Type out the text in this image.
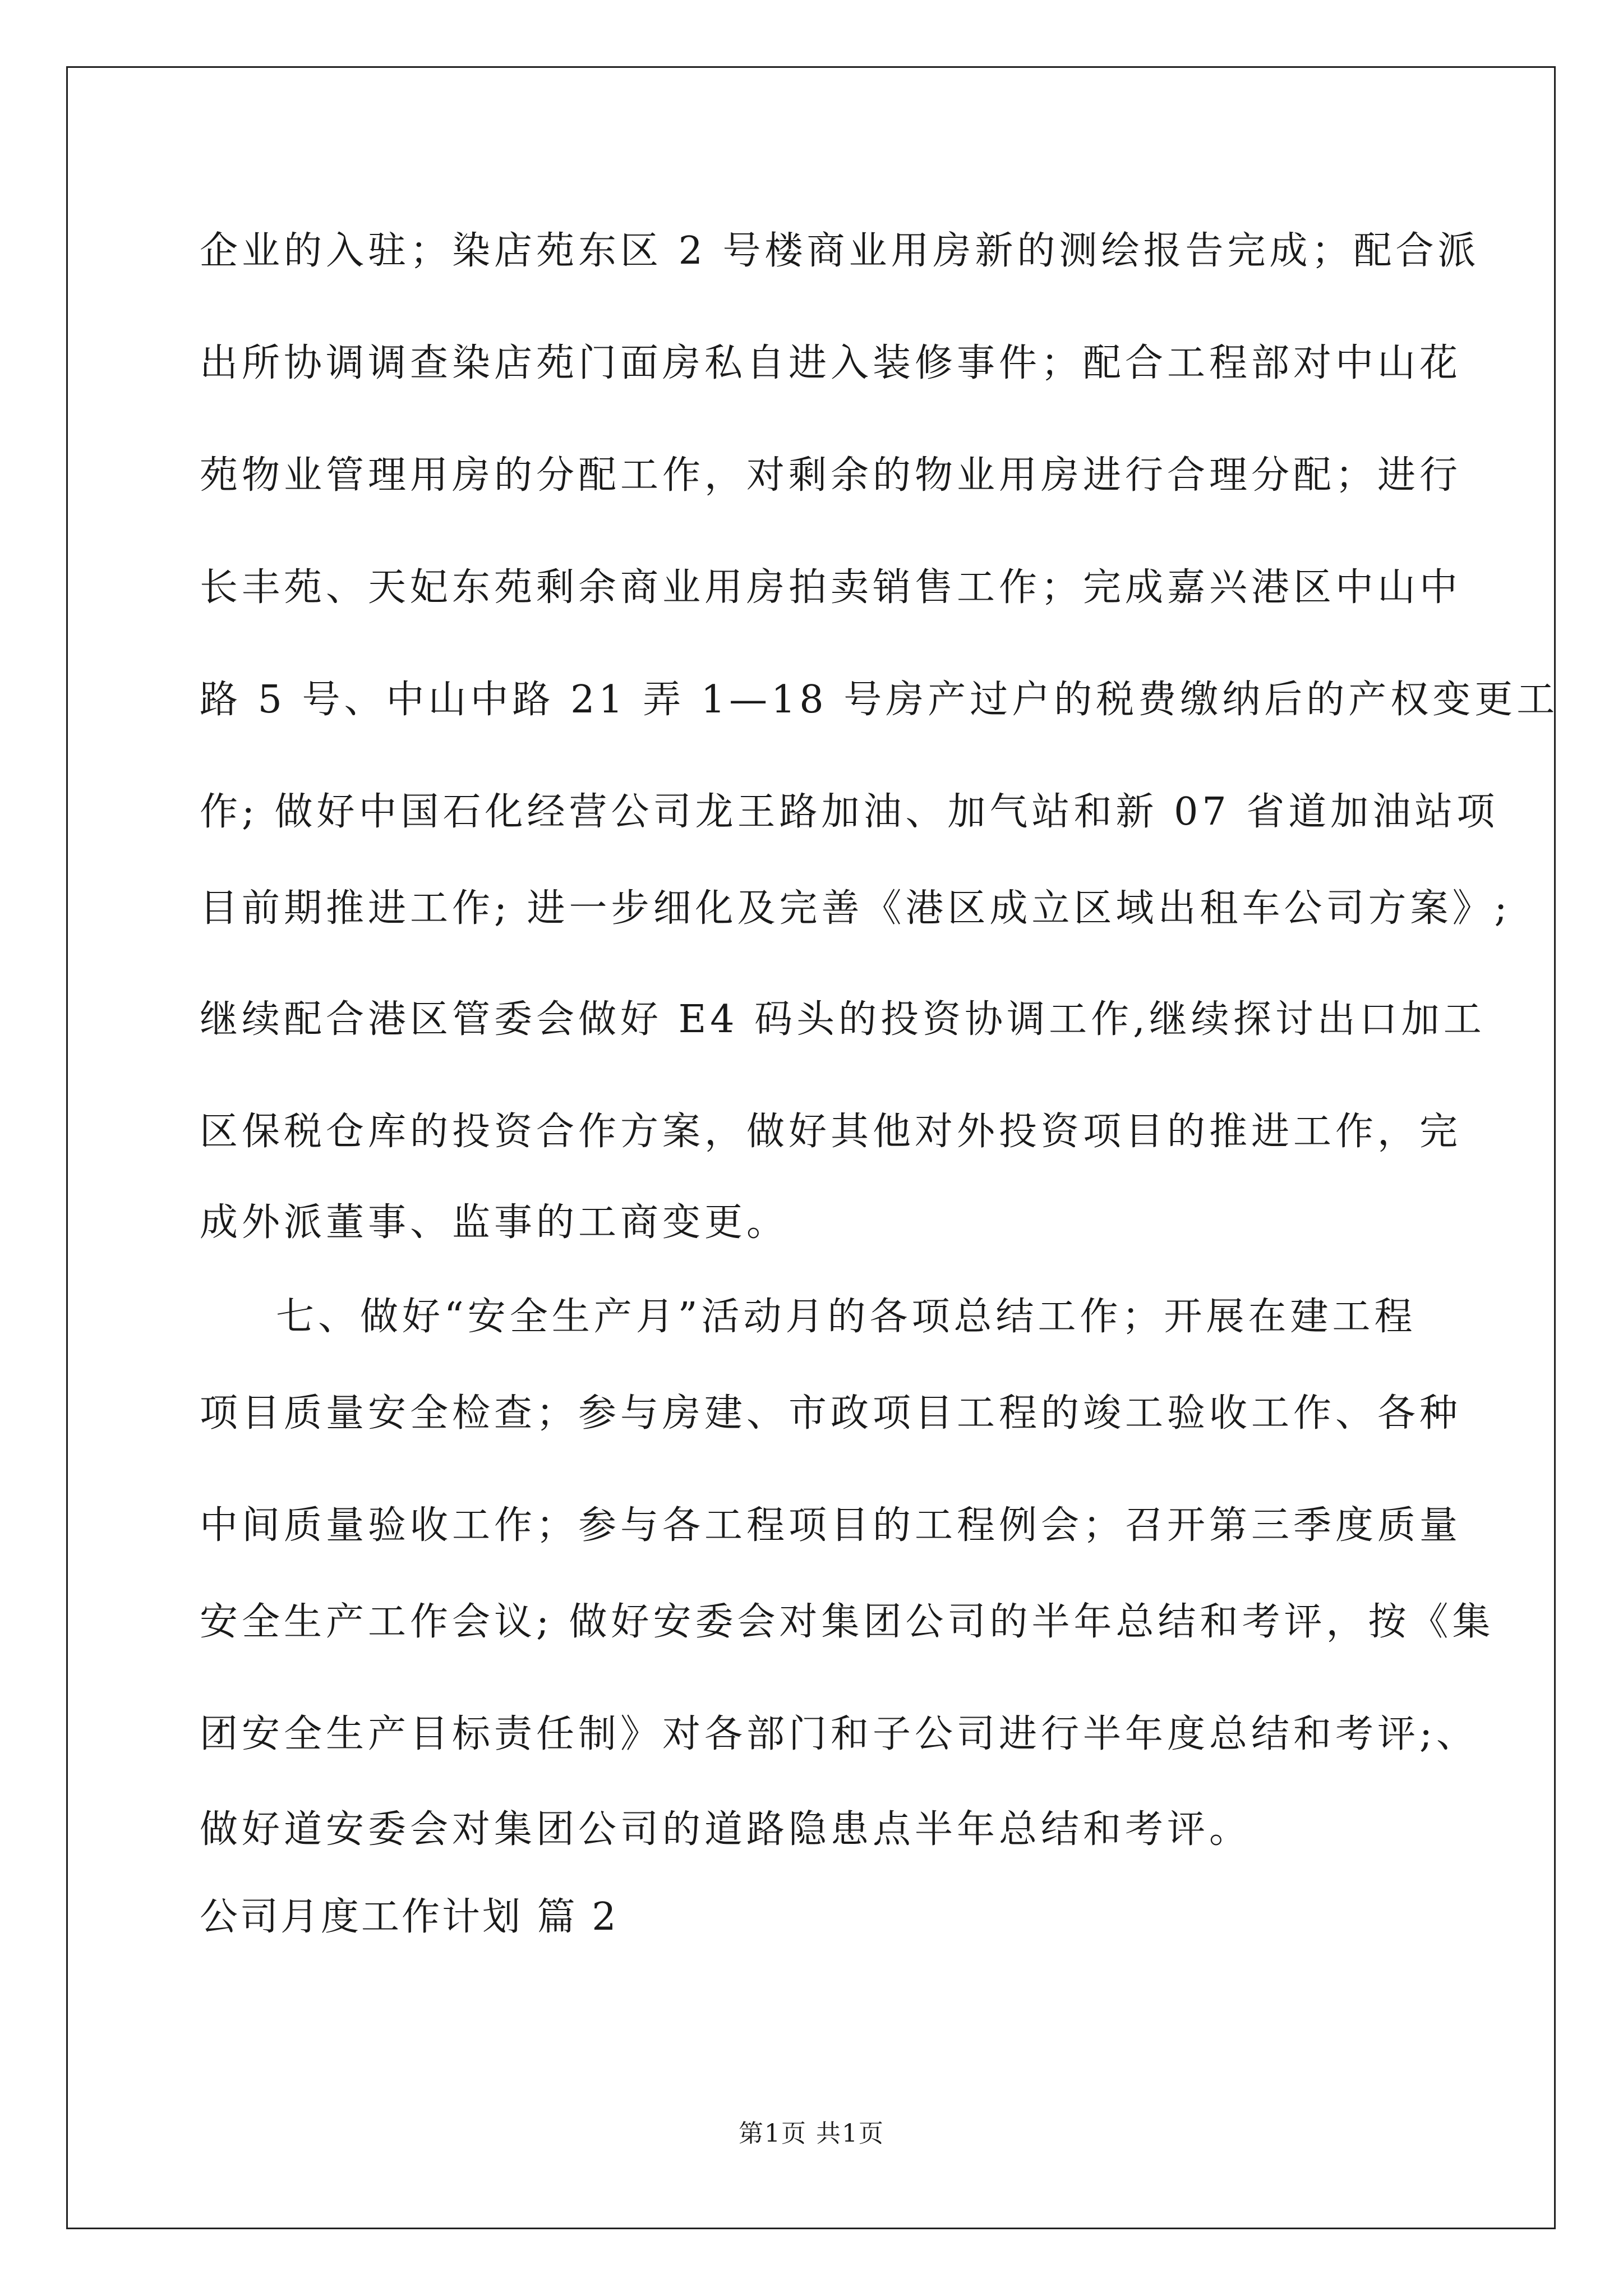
企业的入驻；染店苑东区 2 号楼商业用房新的测绘报告完成；配合派
出所协调调查染店苑门面房私自进入装修事件；配合工程部对中山花
苑物业管理用房的分配工作，对剩余的物业用房进行合理分配；进行
长丰苑、天妃东苑剩余商业用房拍卖销售工作；完成嘉兴港区中山中
路 5 号、中山中路 21 弄 1—18 号房产过户的税费缴纳后的产权变更工
作; 做好中国石化经营公司龙王路加油、加气站和新 07 省道加油站项
目前期推进工作; 进一步细化及完善《港区成立区域出租车公司方案》;
继续配合港区管委会做好 E4 码头的投资协调工作,继续探讨出口加工
区保税仓库的投资合作方案，做好其他对外投资项目的推进工作，完
成外派董事、监事的工商变更。
七、做好“安全生产月”活动月的各项总结工作；开展在建工程
项目质量安全检查；参与房建、市政项目工程的竣工验收工作、各种
中间质量验收工作；参与各工程项目的工程例会；召开第三季度质量
安全生产工作会议; 做好安委会对集团公司的半年总结和考评，按《集
团安全生产目标责任制》对各部门和子公司进行半年度总结和考评;、
做好道安委会对集团公司的道路隐患点半年总结和考评。
公司月度工作计划 篇 2
第1页 共1页
